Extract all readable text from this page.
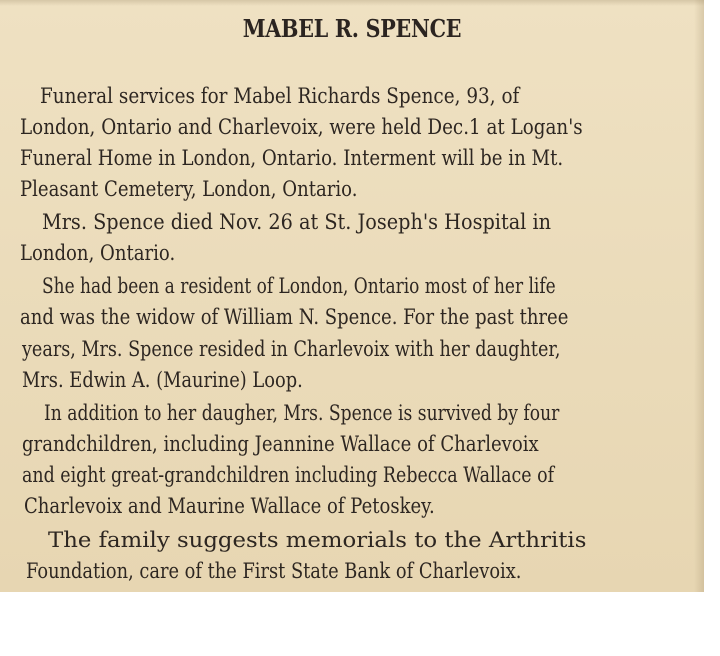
MABEL R. SPENCE
Funeral services for Mabel Richards Spence, 93, of
London, Ontario and Charlevoix, were held Dec.1 at Logan's
Funeral Home in London, Ontario. Interment will be in Mt.
Pleasant Cemetery, London, Ontario.
Mrs. Spence died Nov. 26 at St. Joseph's Hospital in
London, Ontario.
She had been a resident of London, Ontario most of her life
and was the widow of William N. Spence. For the past three
years, Mrs. Spence resided in Charlevoix with her daughter,
Mrs. Edwin A. (Maurine) Loop.
In addition to her daugher, Mrs. Spence is survived by four
grandchildren, including Jeannine Wallace of Charlevoix
and eight great-grandchildren including Rebecca Wallace of
Charlevoix and Maurine Wallace of Petoskey.
The family suggests memorials to the Arthritis
Foundation, care of the First State Bank of Charlevoix.
